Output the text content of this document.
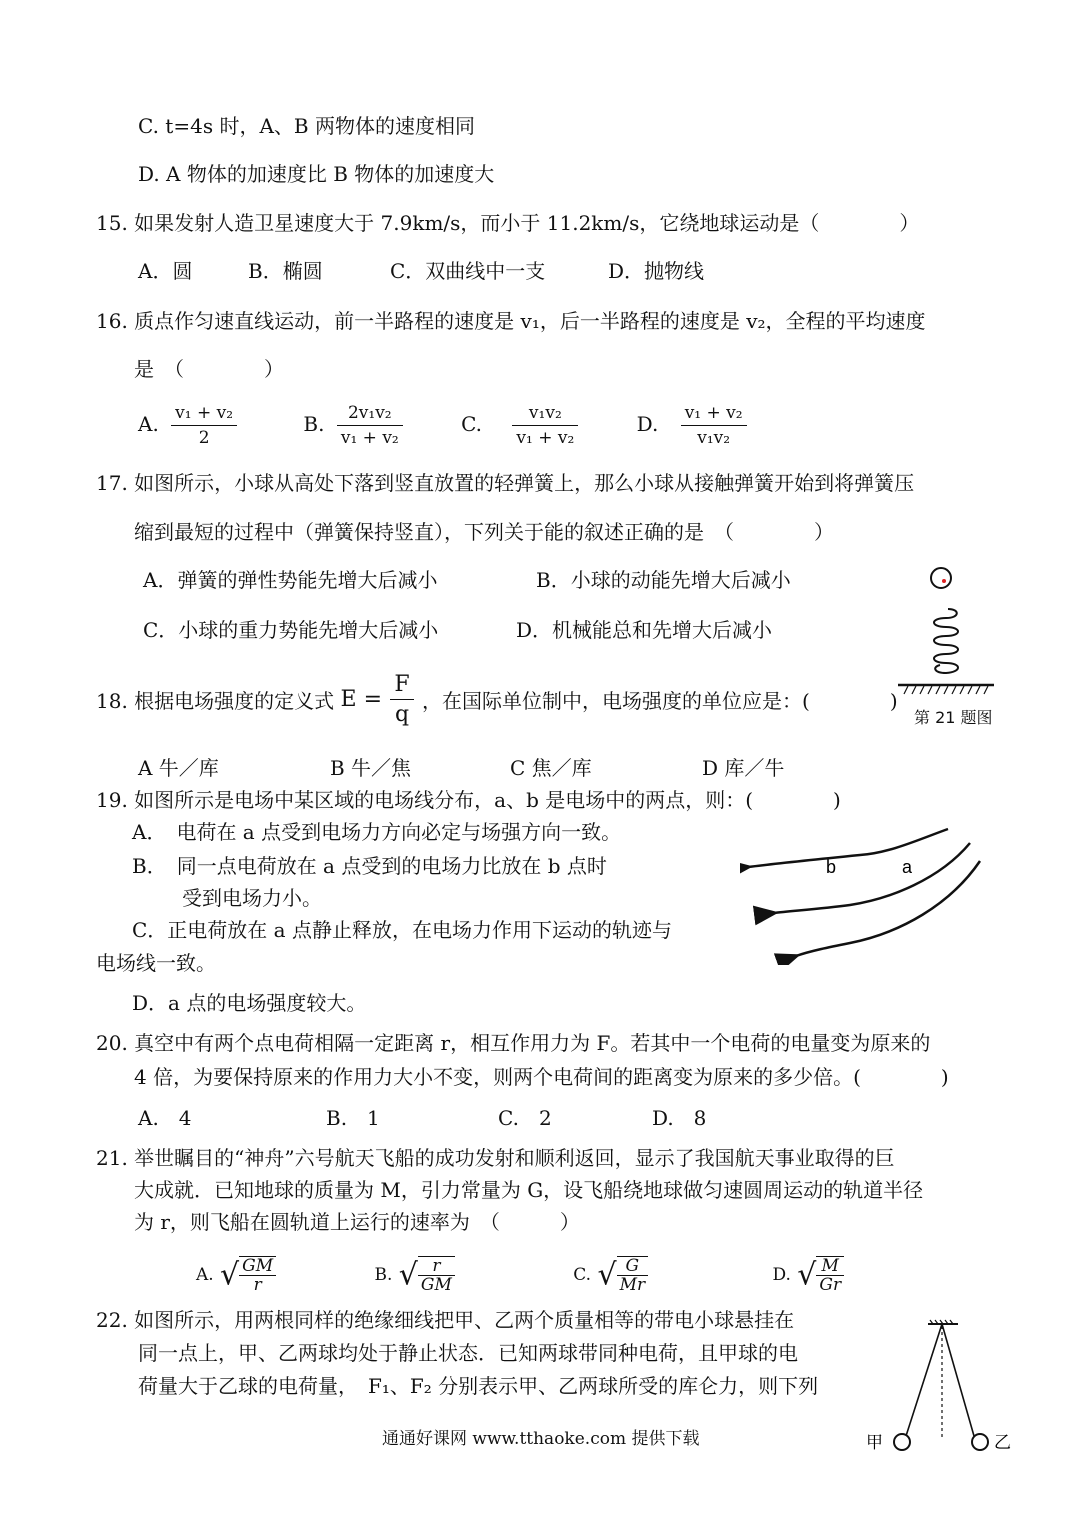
C. t=4s 时，A、B 两物体的速度相同
D. A 物体的加速度比 B 物体的加速度大
15. 如果发射人造卫星速度大于 7.9km/s，而小于 11.2km/s，它绕地球运动是（　　　　）
A．圆	B．椭圆	C．双曲线中一支	D．抛物线
16. 质点作匀速直线运动，前一半路程的速度是 v₁，后一半路程的速度是 v₂，全程的平均速度
是　（　　　　）
A. $\frac{\text{v₁ + v₂}}{2}$	B. $\frac{\text{2v₁v₂}}{\text{v₁ + v₂}}$	C. $\frac{\text{v₁v₂}}{\text{v₁ + v₂}}$	D. $\frac{\text{v₁ + v₂}}{\text{v₁v₂}}$
17. 如图所示，小球从高处下落到竖直放置的轻弹簧上，那么小球从接触弹簧开始到将弹簧压
缩到最短的过程中（弹簧保持竖直），下列关于能的叙述正确的是　（　　　　）
A．弹簧的弹性势能先增大后减小	B．小球的动能先增大后减小
C．小球的重力势能先增大后减小	D．机械能总和先增大后减小
第 21 题图
18. 根据电场强度的定义式 $E = \frac{F}{q}$ ，在国际单位制中，电场强度的单位应是：(　　　　)
A 牛／库	B 牛／焦	C 焦／库	D 库／牛
19. 如图所示是电场中某区域的电场线分布，a、b 是电场中的两点，则：(　　　　)
A．　电荷在 a 点受到电场力方向必定与场强方向一致。
B．　同一点电荷放在 a 点受到的电场力比放在 b 点时
受到电场力小。
C．正电荷放在 a 点静止释放，在电场力作用下运动的轨迹与
电场线一致。
D．a 点的电场强度较大。
b	a
20. 真空中有两个点电荷相隔一定距离 r，相互作用力为 F。若其中一个电荷的电量变为原来的
4 倍，为要保持原来的作用力大小不变，则两个电荷间的距离变为原来的多少倍。(　　　　)
A.　4	B.　1	C.　2	D.　8
21. 举世瞩目的“神舟”六号航天飞船的成功发射和顺利返回，显示了我国航天事业取得的巨
大成就．已知地球的质量为 M，引力常量为 G，设飞船绕地球做匀速圆周运动的轨道半径
为 r，则飞船在圆轨道上运行的速率为　（　　　）
A. √ $\frac{GM}{r}$	B. √ $\frac{r}{GM}$	C. √ $\frac{G}{Mr}$	D. √ $\frac{M}{Gr}$
22. 如图所示，用两根同样的绝缘细线把甲、乙两个质量相等的带电小球悬挂在
同一点上，甲、乙两球均处于静止状态．已知两球带同种电荷，且甲球的电
荷量大于乙球的电荷量，　F₁、F₂ 分别表示甲、乙两球所受的库仑力，则下列
甲	乙
通通好课网 www.tthaoke.com 提供下载
